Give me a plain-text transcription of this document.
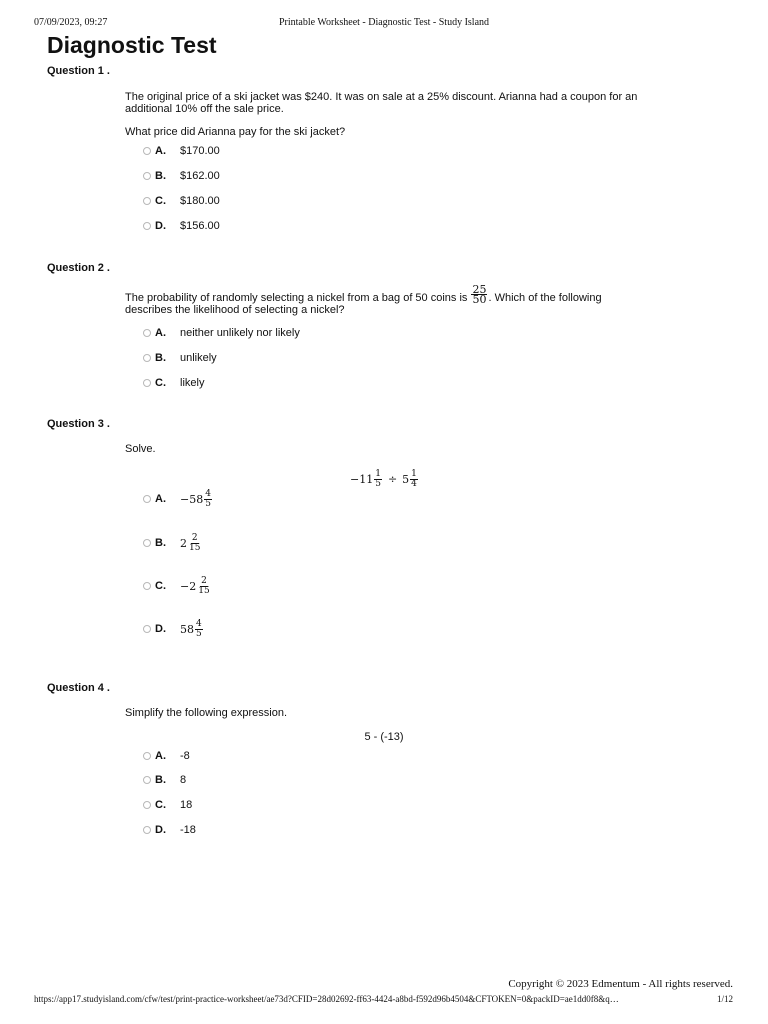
07/09/2023, 09:27	Printable Worksheet - Diagnostic Test - Study Island
Diagnostic Test
Question 1 .
The original price of a ski jacket was $240. It was on sale at a 25% discount. Arianna had a coupon for an additional 10% off the sale price.
What price did Arianna pay for the ski jacket?
A.	$170.00
B.	$162.00
C.	$180.00
D.	$156.00
Question 2 .
The probability of randomly selecting a nickel from a bag of 50 coins is $\frac{25}{50}$ . Which of the following describes the likelihood of selecting a nickel?
A.	neither unlikely nor likely
B.	unlikely
C.	likely
Question 3 .
Solve.
$-11 \frac{1}{5} \div 5 \frac{1}{4}$
A.	$-58 \frac{4}{5}$
B.	$2 \frac{2}{15}$
C.	$-2 \frac{2}{15}$
D.	$58 \frac{4}{5}$
Question 4 .
Simplify the following expression.
5 - (-13)
A.	-8
B.	8
C.	18
D.	-18
Copyright © 2023 Edmentum - All rights reserved.
https://app17.studyisland.com/cfw/test/print-practice-worksheet/ae73d?CFID=28d02692-ff63-4424-a8bd-f592d96b4504&CFTOKEN=0&packID=ae1dd0f8&q…	1/12
